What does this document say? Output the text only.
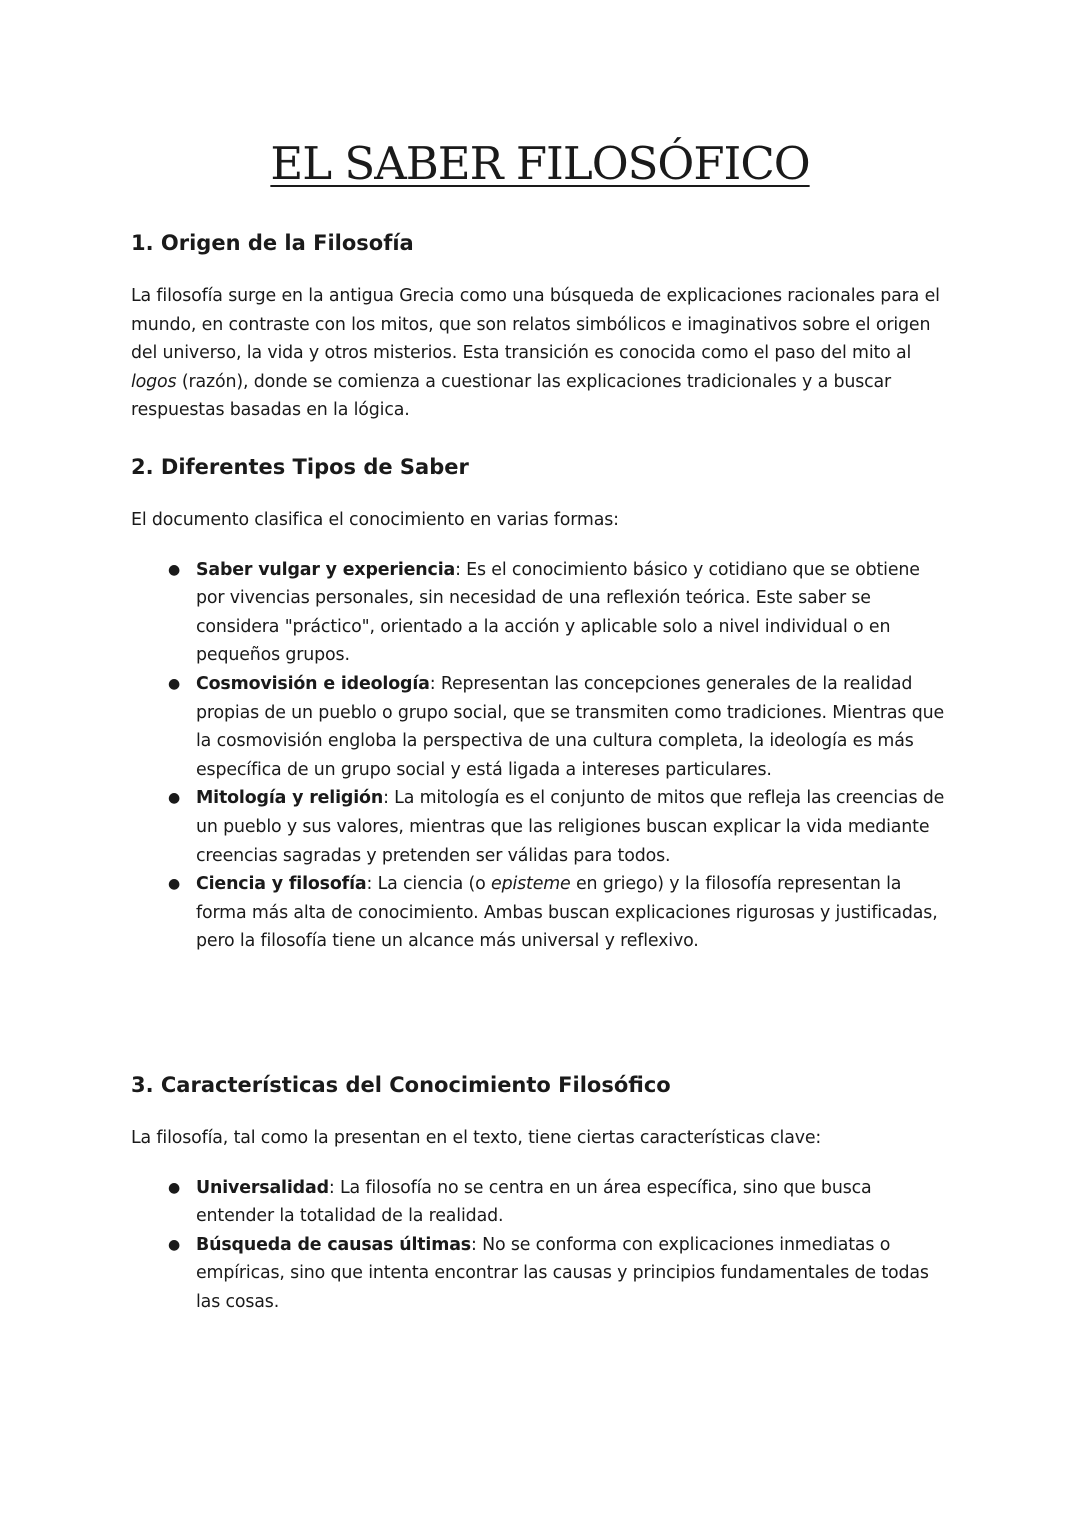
EL SABER FILOSÓFICO
1. Origen de la Filosofía

La filosofía surge en la antigua Grecia como una búsqueda de explicaciones racionales para el mundo, en contraste con los mitos, que son relatos simbólicos e imaginativos sobre el origen del universo, la vida y otros misterios. Esta transición es conocida como el paso del mito al logos (razón), donde se comienza a cuestionar las explicaciones tradicionales y a buscar respuestas basadas en la lógica.

2. Diferentes Tipos de Saber

El documento clasifica el conocimiento en varias formas:

● Saber vulgar y experiencia: Es el conocimiento básico y cotidiano que se obtiene por vivencias personales, sin necesidad de una reflexión teórica. Este saber se considera "práctico", orientado a la acción y aplicable solo a nivel individual o en pequeños grupos.
● Cosmovisión e ideología: Representan las concepciones generales de la realidad propias de un pueblo o grupo social, que se transmiten como tradiciones. Mientras que la cosmovisión engloba la perspectiva de una cultura completa, la ideología es más específica de un grupo social y está ligada a intereses particulares.
● Mitología y religión: La mitología es el conjunto de mitos que refleja las creencias de un pueblo y sus valores, mientras que las religiones buscan explicar la vida mediante creencias sagradas y pretenden ser válidas para todos.
● Ciencia y filosofía: La ciencia (o episteme en griego) y la filosofía representan la forma más alta de conocimiento. Ambas buscan explicaciones rigurosas y justificadas, pero la filosofía tiene un alcance más universal y reflexivo.
3. Características del Conocimiento Filosófico

La filosofía, tal como la presentan en el texto, tiene ciertas características clave:

● Universalidad: La filosofía no se centra en un área específica, sino que busca entender la totalidad de la realidad.
● Búsqueda de causas últimas: No se conforma con explicaciones inmediatas o empíricas, sino que intenta encontrar las causas y principios fundamentales de todas las cosas.
